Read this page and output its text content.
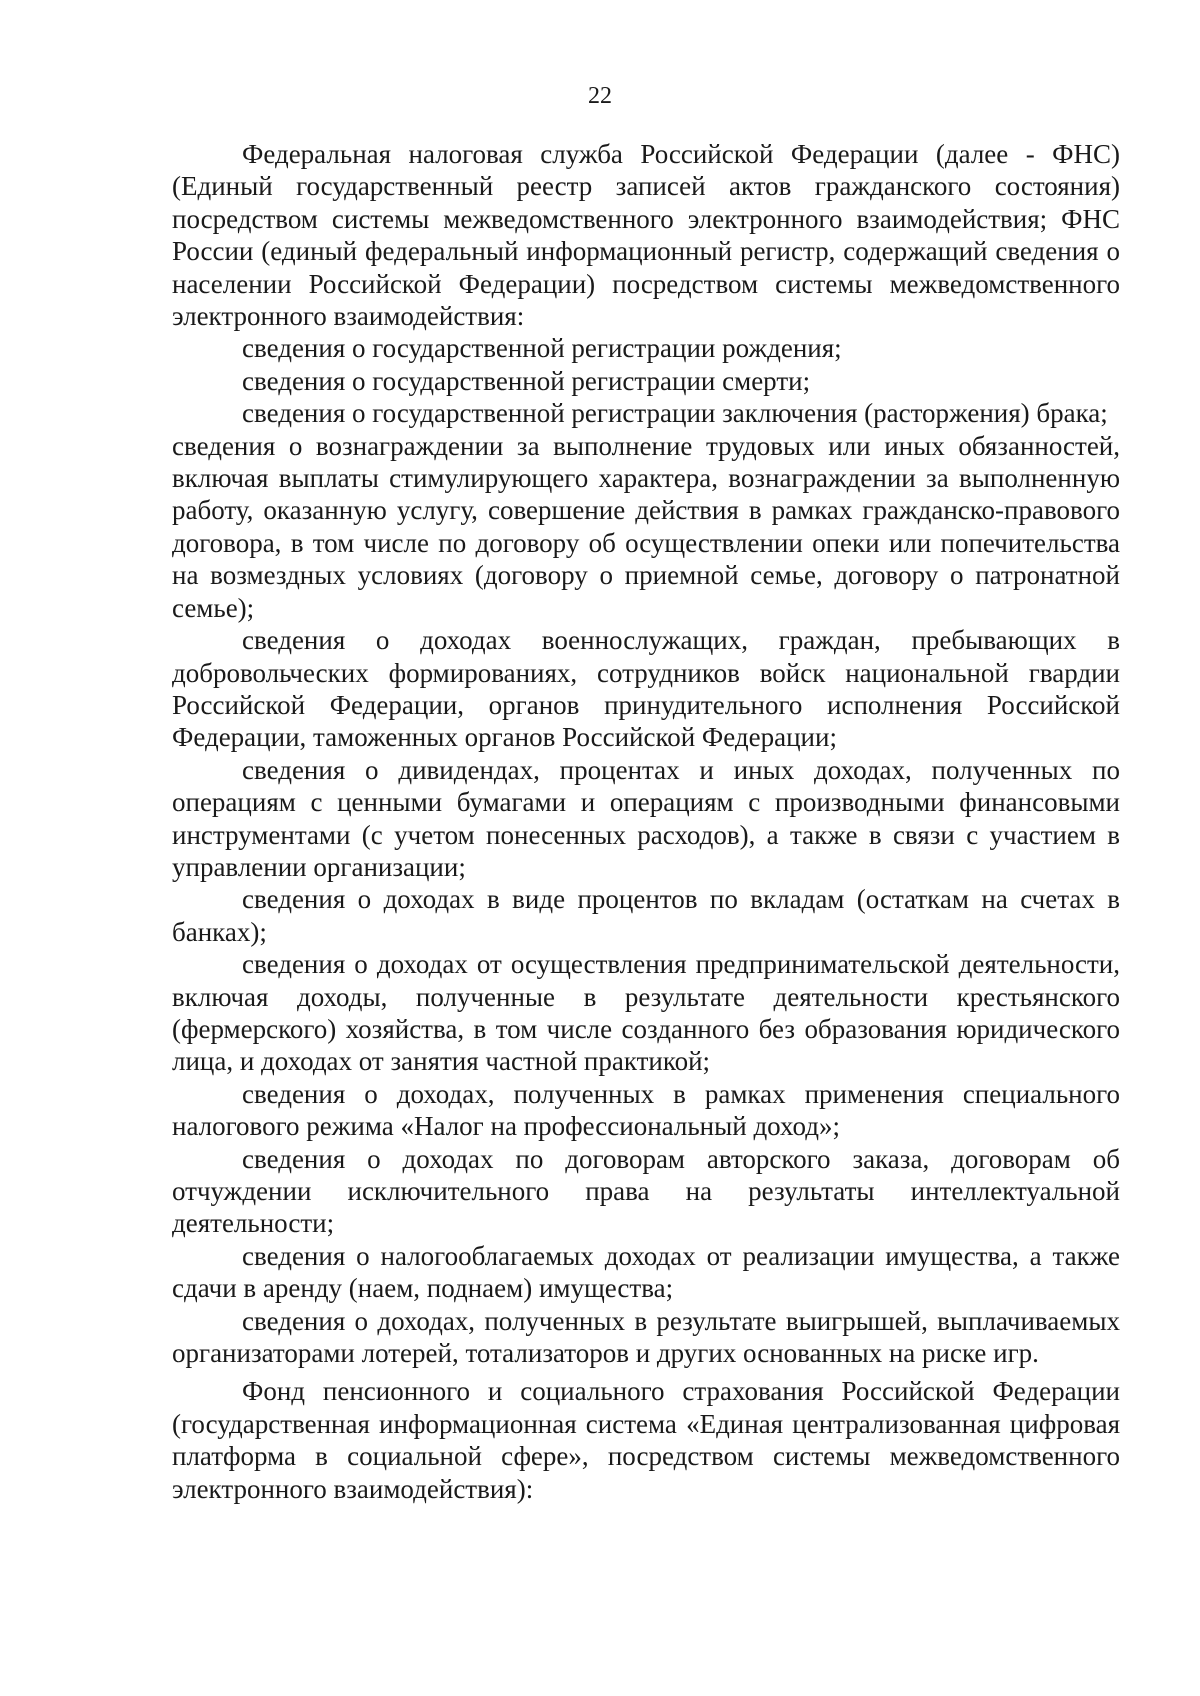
22

Федеральная налоговая служба Российской Федерации (далее - ФНС) (Единый государственный реестр записей актов гражданского состояния) посредством системы межведомственного электронного взаимодействия; ФНС России (единый федеральный информационный регистр, содержащий сведения о населении Российской Федерации) посредством системы межведомственного электронного взаимодействия:

сведения о государственной регистрации рождения;

сведения о государственной регистрации смерти;

сведения о государственной регистрации заключения (расторжения) брака;

сведения о вознаграждении за выполнение трудовых или иных обязанностей, включая выплаты стимулирующего характера, вознаграждении за выполненную работу, оказанную услугу, совершение действия в рамках гражданско-правового договора, в том числе по договору об осуществлении опеки или попечительства на возмездных условиях (договору о приемной семье, договору о патронатной семье);

сведения о доходах военнослужащих, граждан, пребывающих в добровольческих формированиях, сотрудников войск национальной гвардии Российской Федерации, органов принудительного исполнения Российской Федерации, таможенных органов Российской Федерации;

сведения о дивидендах, процентах и иных доходах, полученных по операциям с ценными бумагами и операциям с производными финансовыми инструментами (с учетом понесенных расходов), а также в связи с участием в управлении организации;

сведения о доходах в виде процентов по вкладам (остаткам на счетах в банках);

сведения о доходах от осуществления предпринимательской деятельности, включая доходы, полученные в результате деятельности крестьянского (фермерского) хозяйства, в том числе созданного без образования юридического лица, и доходах от занятия частной практикой;

сведения о доходах, полученных в рамках применения специального налогового режима «Налог на профессиональный доход»;

сведения о доходах по договорам авторского заказа, договорам об отчуждении исключительного права на результаты интеллектуальной деятельности;

сведения о налогооблагаемых доходах от реализации имущества, а также сдачи в аренду (наем, поднаем) имущества;

сведения о доходах, полученных в результате выигрышей, выплачиваемых организаторами лотерей, тотализаторов и других основанных на риске игр.

Фонд пенсионного и социального страхования Российской Федерации (государственная информационная система «Единая централизованная цифровая платформа в социальной сфере», посредством системы межведомственного электронного взаимодействия):
